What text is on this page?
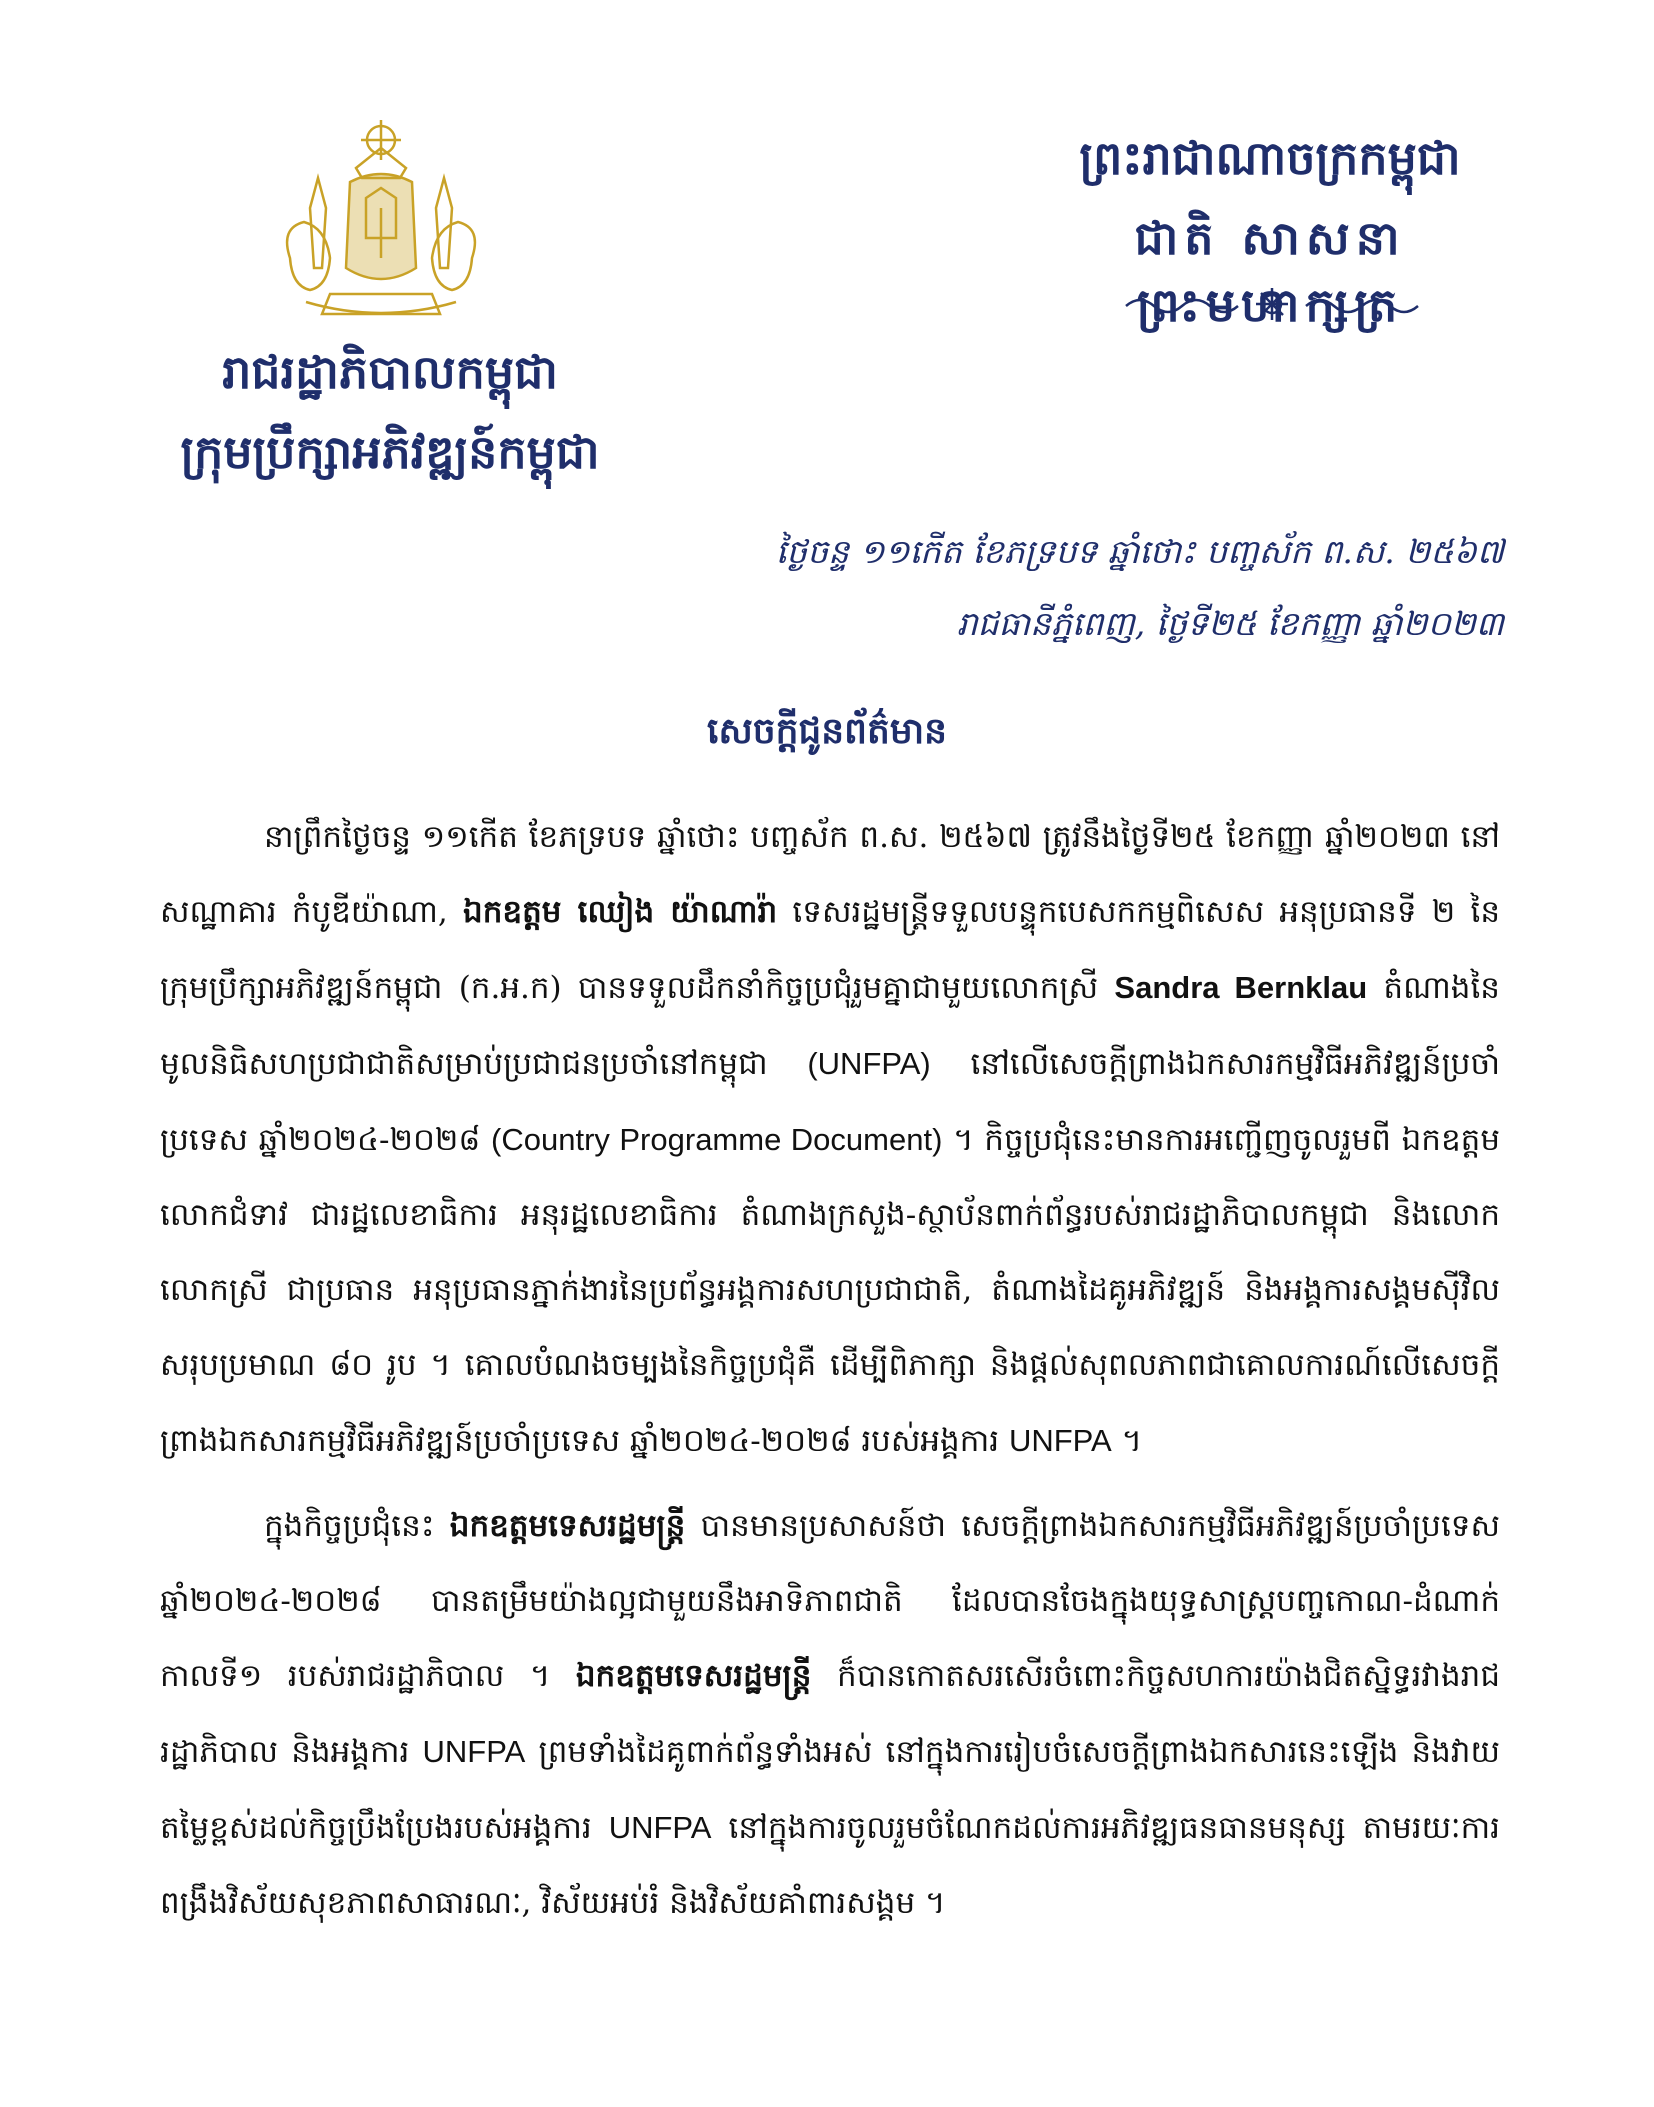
ព្រះរាជាណាចក្រកម្ពុជា
ជាតិ សាសនា ព្រះមហាក្សត្រ
រាជរដ្ឋាភិបាលកម្ពុជា
ក្រុមប្រឹក្សាអភិវឌ្ឍន៍កម្ពុជា
ថ្ងៃចន្ទ ១១កើត ខែភទ្របទ ឆ្នាំថោះ បញ្ចស័ក ព.ស. ២៥៦៧
រាជធានីភ្នំពេញ, ថ្ងៃទី២៥ ខែកញ្ញា ឆ្នាំ២០២៣
សេចក្តីជូនព័ត៌មាន

នាព្រឹកថ្ងៃចន្ទ ១១កើត ខែភទ្របទ ឆ្នាំថោះ បញ្ចស័ក ព.ស. ២៥៦៧ ត្រូវនឹងថ្ងៃទី២៥ ខែកញ្ញា ឆ្នាំ២០២៣ នៅសណ្ឋាគារ កំបូឌីយ៉ាណា, ឯកឧត្តម ឈៀង យ៉ាណារ៉ា ទេសរដ្ឋមន្ត្រីទទួលបន្ទុកបេសកកម្មពិសេស អនុប្រធានទី ២ នៃក្រុមប្រឹក្សាអភិវឌ្ឍន៍កម្ពុជា (ក.អ.ក) បានទទួលដឹកនាំកិច្ចប្រជុំរួមគ្នាជាមួយលោកស្រី Sandra Bernklau តំណាងនៃមូលនិធិសហប្រជាជាតិសម្រាប់ប្រជាជនប្រចាំនៅកម្ពុជា (UNFPA) នៅលើសេចក្តីព្រាងឯកសារកម្មវិធីអភិវឌ្ឍន៍ប្រចាំប្រទេស ឆ្នាំ២០២៤-២០២៨ (Country Programme Document) ។ កិច្ចប្រជុំនេះមានការអញ្ជើញចូលរួមពី ឯកឧត្តម លោកជំទាវ ជារដ្ឋលេខាធិការ អនុរដ្ឋលេខាធិការ តំណាងក្រសួង-ស្ថាប័នពាក់ព័ន្ធរបស់រាជរដ្ឋាភិបាលកម្ពុជា និងលោក លោកស្រី ជាប្រធាន អនុប្រធានភ្នាក់ងារនៃប្រព័ន្ធអង្គការសហប្រជាជាតិ, តំណាងដៃគូអភិវឌ្ឍន៍ និងអង្គការសង្គមស៊ីវិល សរុបប្រមាណ ៨០ រូប ។ គោលបំណងចម្បងនៃកិច្ចប្រជុំគឺ ដើម្បីពិភាក្សា និងផ្តល់សុពលភាពជាគោលការណ៍លើសេចក្តីព្រាងឯកសារកម្មវិធីអភិវឌ្ឍន៍ប្រចាំប្រទេស ឆ្នាំ២០២៤-២០២៨ របស់អង្គការ UNFPA ។

ក្នុងកិច្ចប្រជុំនេះ ឯកឧត្តមទេសរដ្ឋមន្ត្រី បានមានប្រសាសន៍ថា សេចក្តីព្រាងឯកសារកម្មវិធីអភិវឌ្ឍន៍ប្រចាំប្រទេស ឆ្នាំ២០២៤-២០២៨ បានតម្រឹមយ៉ាងល្អជាមួយនឹងអាទិភាពជាតិ ដែលបានចែងក្នុងយុទ្ធសាស្ត្របញ្ចកោណ-ដំណាក់កាលទី១ របស់រាជរដ្ឋាភិបាល ។ ឯកឧត្តមទេសរដ្ឋមន្ត្រី ក៏បានកោតសរសើរចំពោះកិច្ចសហការយ៉ាងជិតស្និទ្ធរវាងរាជរដ្ឋាភិបាល និងអង្គការ UNFPA ព្រមទាំងដៃគូពាក់ព័ន្ធទាំងអស់ នៅក្នុងការរៀបចំសេចក្តីព្រាងឯកសារនេះឡើង និងវាយតម្លៃខ្ពស់ដល់កិច្ចប្រឹងប្រែងរបស់អង្គការ UNFPA នៅក្នុងការចូលរួមចំណែកដល់ការអភិវឌ្ឍធនធានមនុស្ស តាមរយៈការពង្រឹងវិស័យសុខភាពសាធារណៈ, វិស័យអប់រំ និងវិស័យគាំពារសង្គម ។
